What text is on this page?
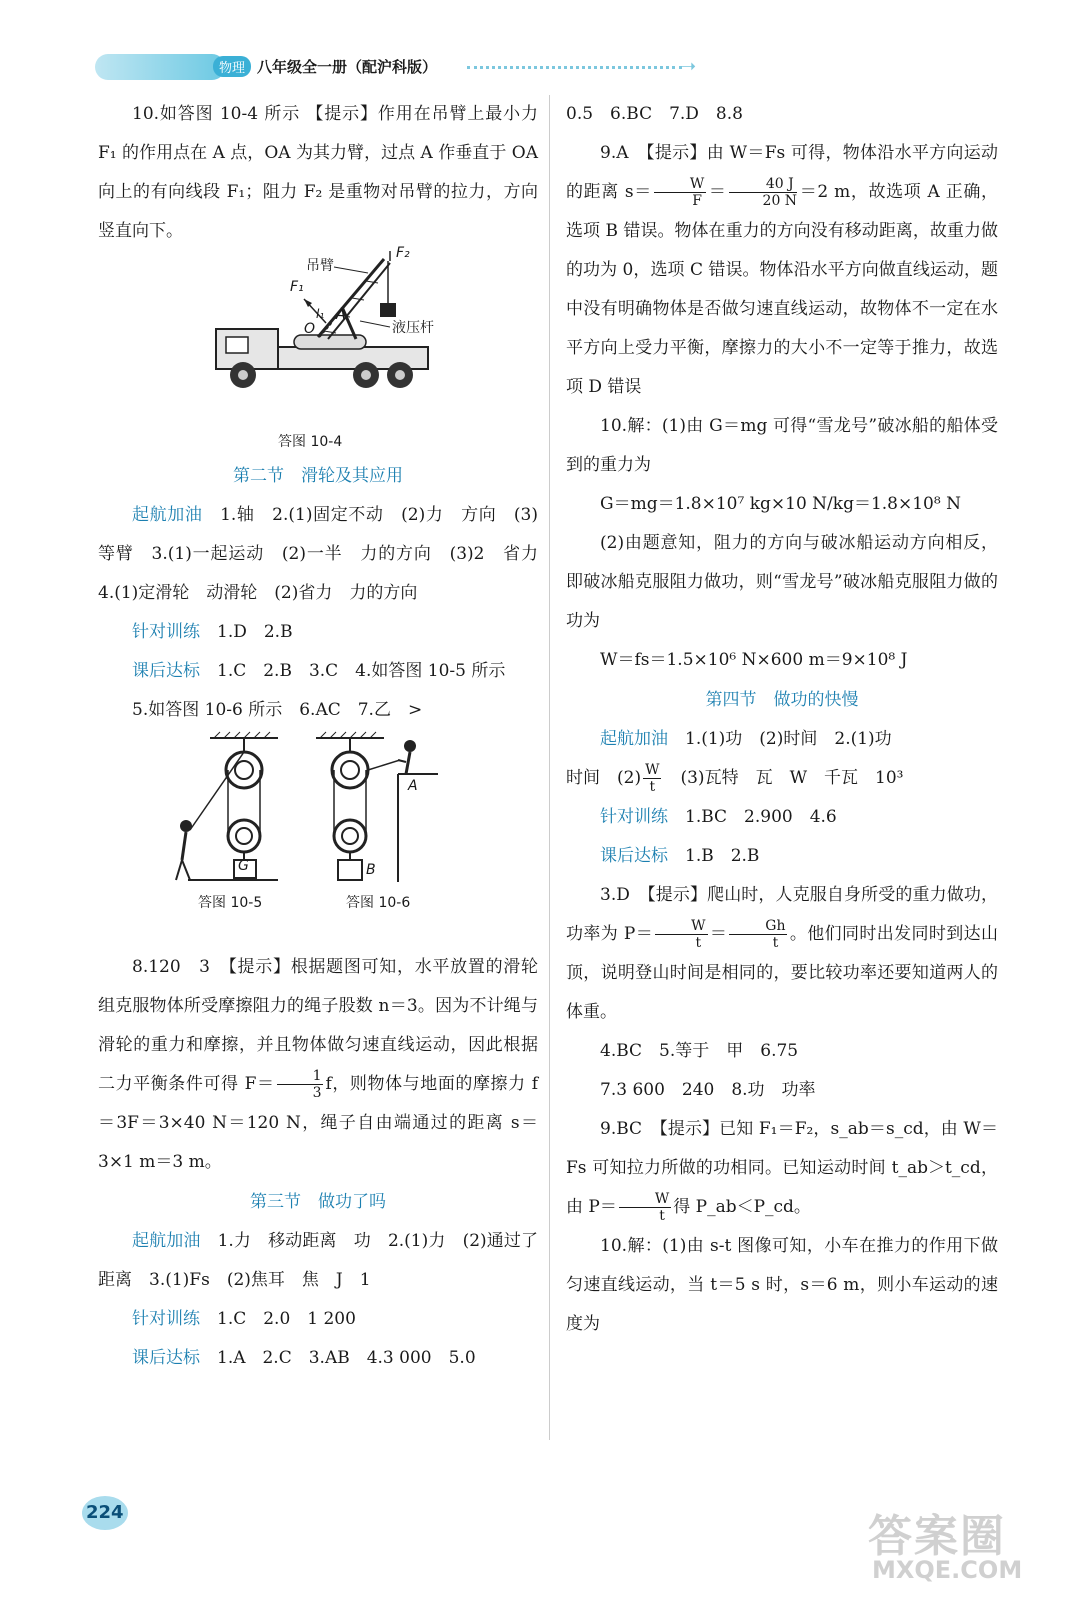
物理 八年级全一册（配沪科版）	➝

10.如答图 10-4 所示 【提示】作用在吊臂上最小力 F₁ 的作用点在 A 点，OA 为其力臂，过点 A 作垂直于 OA 向上的有向线段 F₁；阻力 F₂ 是重物对吊臂的拉力，方向竖直向下。

吊臂
F₁
F₂
O
A
l₁
液压杆
答图 10-4
第二节　滑轮及其应用

起航加油　 1.轴　2.(1)固定不动　(2)力　方向　(3)等臂　3.(1)一起运动　(2)一半　力的方向　(3)2　省力　4.(1)定滑轮　动滑轮　(2)省力　力的方向

针对训练　 1.D　2.B

课后达标　 1.C　2.B　3.C　4.如答图 10-5 所示

5.如答图 10-6 所示　6.AC　7.乙　>

G
A
B
答图 10-5	答图 10-6

8.120　3　【提示】根据题图可知，水平放置的滑轮组克服物体所受摩擦阻力的绳子股数 n＝3。因为不计绳与滑轮的重力和摩擦，并且物体做匀速直线运动，因此根据二力平衡条件可得 $F= \frac{1}{3}$ f，则物体与地面的摩擦力 f＝3F＝3×40 N＝120 N，绳子自由端通过的距离 s＝3×1 m＝3 m。

第三节　做功了吗

起航加油　 1.力　移动距离　功　2.(1)力　(2)通过了距离　3.(1)Fs　(2)焦耳　焦　J　1

针对训练　 1.C　2.0　1 200

课后达标　 1.A　2.C　3.AB　4.3 000　5.0

0.5　6.BC　7.D　8.8

9.A　【提示】由 W＝Fs 可得，物体沿水平方向运动的距离 $s= \frac{W}{F} = \frac{40 J}{20 N} =2$ m，故选项 A 正确，选项 B 错误。物体在重力的方向没有移动距离，故重力做的功为 0，选项 C 错误。物体沿水平方向做直线运动，题中没有明确物体是否做匀速直线运动，故物体不一定在水平方向上受力平衡，摩擦力的大小不一定等于推力，故选项 D 错误

10.解：(1)由 G＝mg 可得“雪龙号”破冰船的船体受到的重力为

G＝mg＝1.8×10⁷ kg×10 N/kg＝1.8×10⁸ N

(2)由题意知，阻力的方向与破冰船运动方向相反，即破冰船克服阻力做功，则“雪龙号”破冰船克服阻力做的功为

W＝fs＝1.5×10⁶ N×600 m＝9×10⁸ J

第四节　做功的快慢

起航加油　 1.(1)功　(2)时间　2.(1)功

时间　$(2) \frac{W}{t}$ 　(3)瓦特　瓦　W　千瓦　10³

针对训练　 1.BC　2.900　4.6

课后达标　 1.B　2.B

3.D　【提示】爬山时，人克服自身所受的重力做功，功率为 $P= \frac{W}{t} = \frac{Gh}{t}$ 。他们同时出发同时到达山顶，说明登山时间是相同的，要比较功率还要知道两人的体重。

4.BC　5.等于　甲　6.75

7.3 600　240　8.功　功率

9.BC　【提示】已知 F₁＝F₂，s_ab＝s_cd，由 W＝Fs 可知拉力所做的功相同。已知运动时间 t_ab＞t_cd，由 $P= \frac{W}{t}$ 得 P_ab＜P_cd。

10.解：(1)由 s-t 图像可知，小车在推力的作用下做匀速直线运动，当 t＝5 s 时，s＝6 m，则小车运动的速度为

224	答案圈
MXQE.COM
